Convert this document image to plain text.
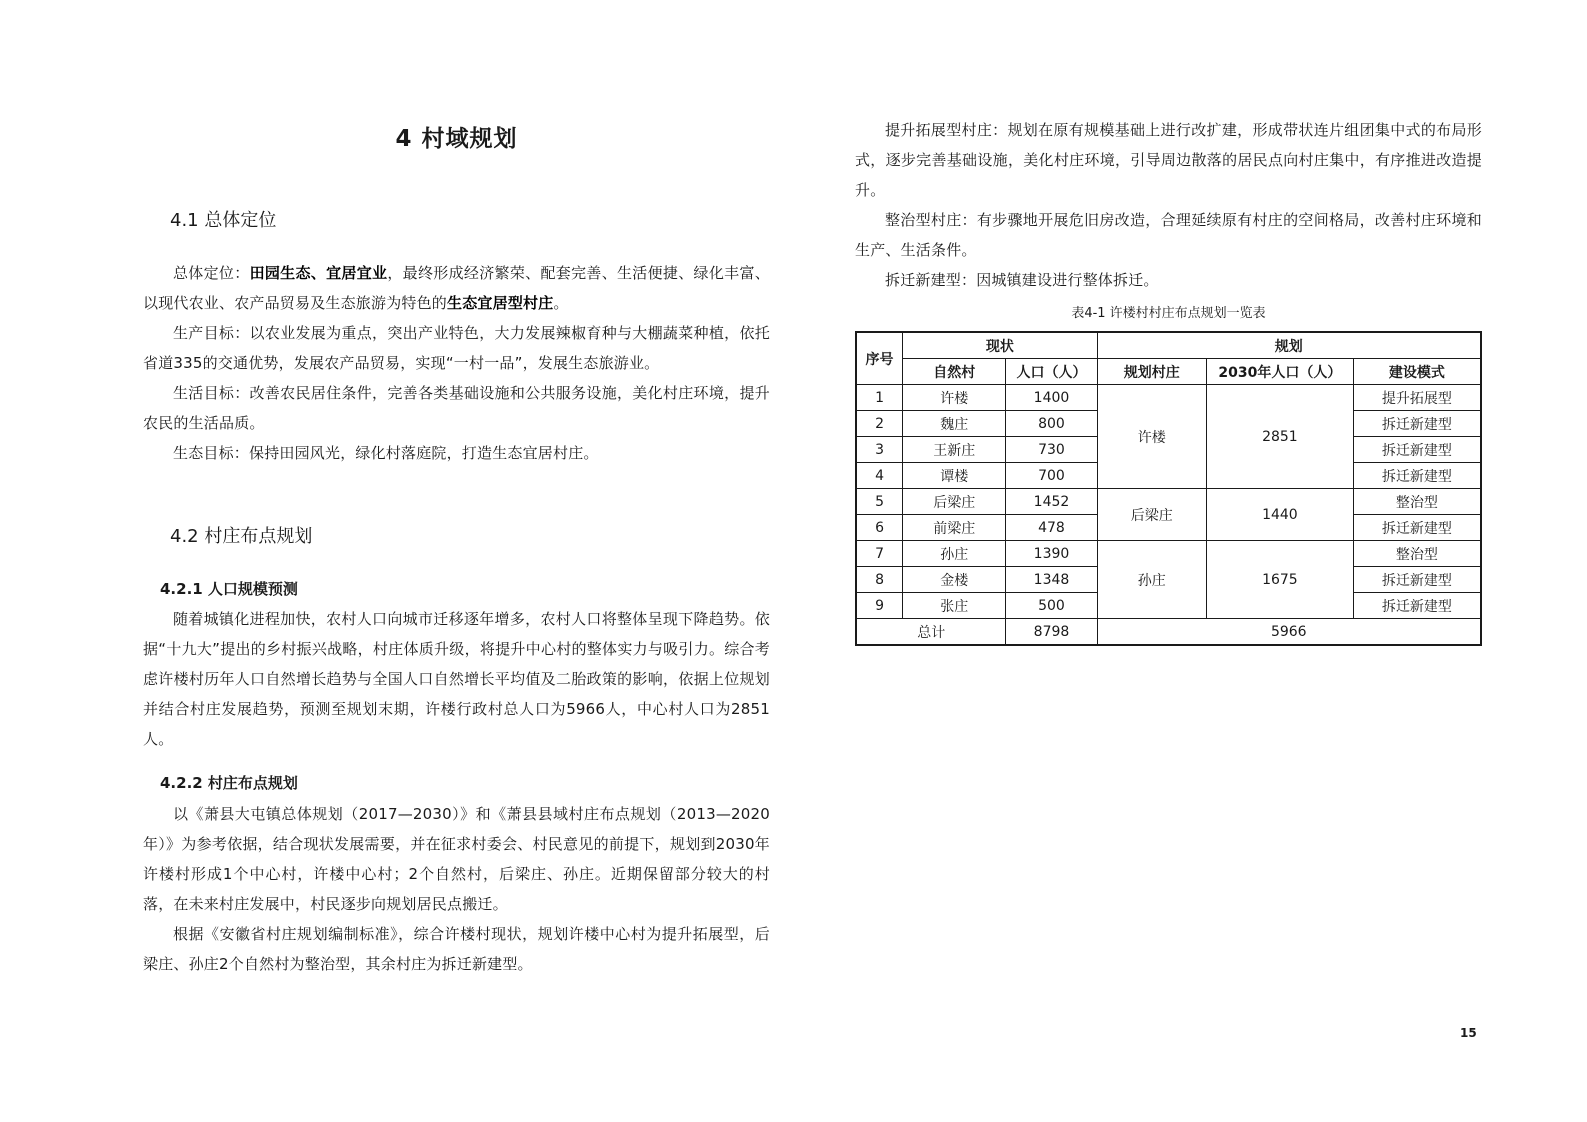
4 村域规划
4.1 总体定位

总体定位：田园生态、宜居宜业，最终形成经济繁荣、配套完善、生活便捷、绿化丰富、以现代农业、农产品贸易及生态旅游为特色的生态宜居型村庄。

生产目标：以农业发展为重点，突出产业特色，大力发展辣椒育种与大棚蔬菜种植，依托省道335的交通优势，发展农产品贸易，实现“一村一品”，发展生态旅游业。

生活目标：改善农民居住条件，完善各类基础设施和公共服务设施，美化村庄环境，提升农民的生活品质。

生态目标：保持田园风光，绿化村落庭院，打造生态宜居村庄。

4.2 村庄布点规划
4.2.1 人口规模预测

随着城镇化进程加快，农村人口向城市迁移逐年增多，农村人口将整体呈现下降趋势。依据“十九大”提出的乡村振兴战略，村庄体质升级，将提升中心村的整体实力与吸引力。综合考虑许楼村历年人口自然增长趋势与全国人口自然增长平均值及二胎政策的影响，依据上位规划并结合村庄发展趋势，预测至规划末期，许楼行政村总人口为5966人，中心村人口为2851人。

4.2.2 村庄布点规划

以《萧县大屯镇总体规划（2017—2030）》和《萧县县域村庄布点规划（2013—2020年）》为参考依据，结合现状发展需要，并在征求村委会、村民意见的前提下，规划到2030年许楼村形成1个中心村，许楼中心村；2个自然村，后梁庄、孙庄。近期保留部分较大的村落，在未来村庄发展中，村民逐步向规划居民点搬迁。

根据《安徽省村庄规划编制标准》，综合许楼村现状，规划许楼中心村为提升拓展型，后梁庄、孙庄2个自然村为整治型，其余村庄为拆迁新建型。

提升拓展型村庄：规划在原有规模基础上进行改扩建，形成带状连片组团集中式的布局形式，逐步完善基础设施，美化村庄环境，引导周边散落的居民点向村庄集中，有序推进改造提升。

整治型村庄：有步骤地开展危旧房改造，合理延续原有村庄的空间格局，改善村庄环境和生产、生活条件。

拆迁新建型：因城镇建设进行整体拆迁。

表4-1 许楼村村庄布点规划一览表

序号	现状		规划		
	自然村	人口（人）	规划村庄	2030年人口（人）	建设模式
1	许楼	1400	许楼	2851	提升拓展型
2	魏庄	800			拆迁新建型
3	王新庄	730			拆迁新建型
4	谭楼	700			拆迁新建型
5	后梁庄	1452	后梁庄	1440	整治型
6	前梁庄	478			拆迁新建型
7	孙庄	1390	孙庄	1675	整治型
8	金楼	1348			拆迁新建型
9	张庄	500			拆迁新建型
总计		8798	5966		

15
